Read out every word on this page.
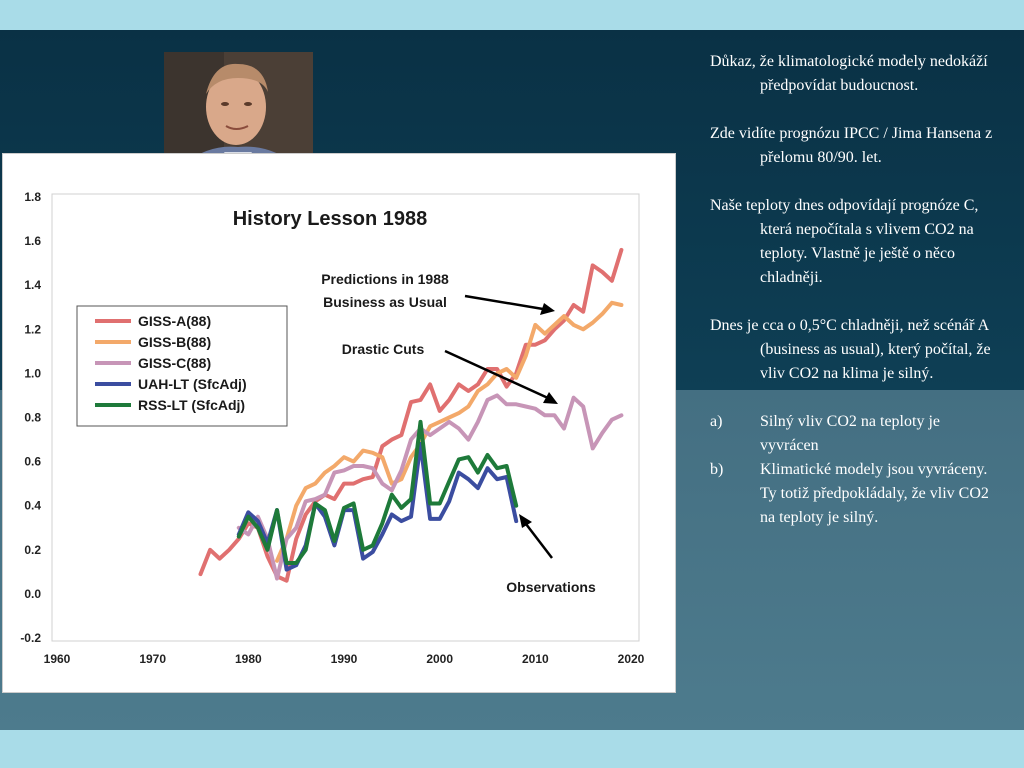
1.8
1.6
1.4
1.2
1.0
0.8
0.6
0.4
0.2
0.0
-0.2
1960	1970	1980	1990	2000	2010	2020
History Lesson 1988
Predictions in 1988
Business as Usual
Drastic Cuts
Observations
GISS-A(88)
GISS-B(88)
GISS-C(88)
UAH-LT (SfcAdj)
RSS-LT (SfcAdj)

Důkaz, že klimatologické modely nedokáží předpovídat budoucnost.

Zde vidíte prognózu IPCC / Jima Hansena z přelomu 80/90. let.

Naše teploty dnes odpovídají prognóze C, která nepočítala s vlivem CO2 na teploty. Vlastně je ještě o něco chladněji.

Dnes je cca o 0,5°C chladněji, než scénář A (business as usual), který počítal, že vliv CO2 na klima je silný.

a)	Silný vliv CO2 na teploty je vyvrácen
b)	Klimatické modely jsou vyvráceny. Ty totiž předpokládaly, že vliv CO2 na teploty je silný.
